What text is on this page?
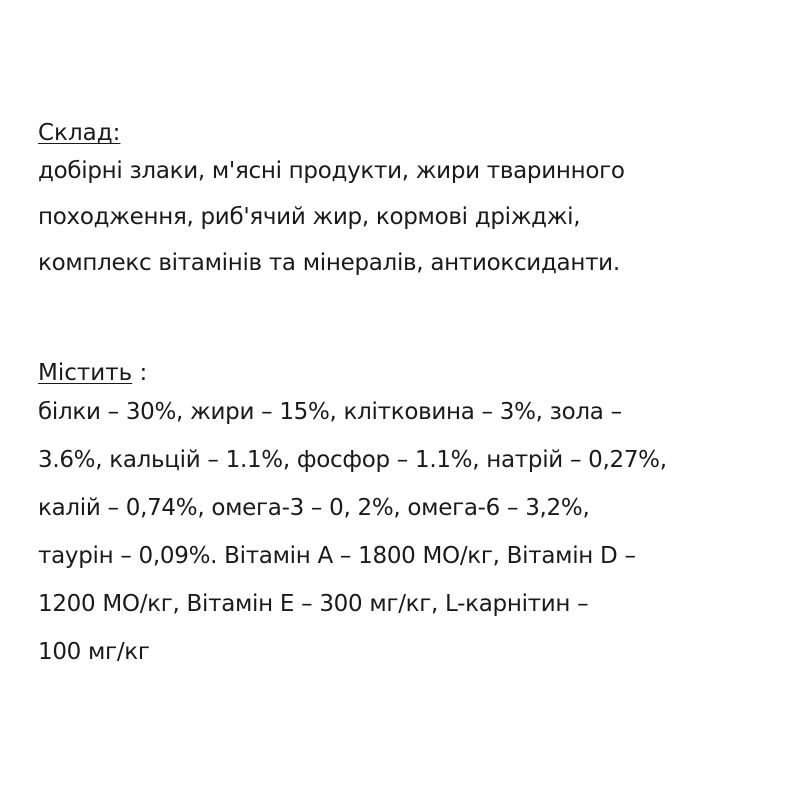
Склад:
добірні злаки, м'ясні продукти, жири тваринного
походження, риб'ячий жир, кормові дріжджі,
комплекс вітамінів та мінералів, антиоксиданти.
Містить :
білки – 30%, жири – 15%, клітковина – 3%, зола –
3.6%, кальцій – 1.1%, фосфор – 1.1%, натрій – 0,27%,
калій – 0,74%, омега-3 – 0, 2%, омега-6 – 3,2%,
таурін – 0,09%. Вітамін А – 1800 МО/кг, Вітамін D –
1200 МО/кг, Вітамін Е – 300 мг/кг, L-карнітин –
100 мг/кг
